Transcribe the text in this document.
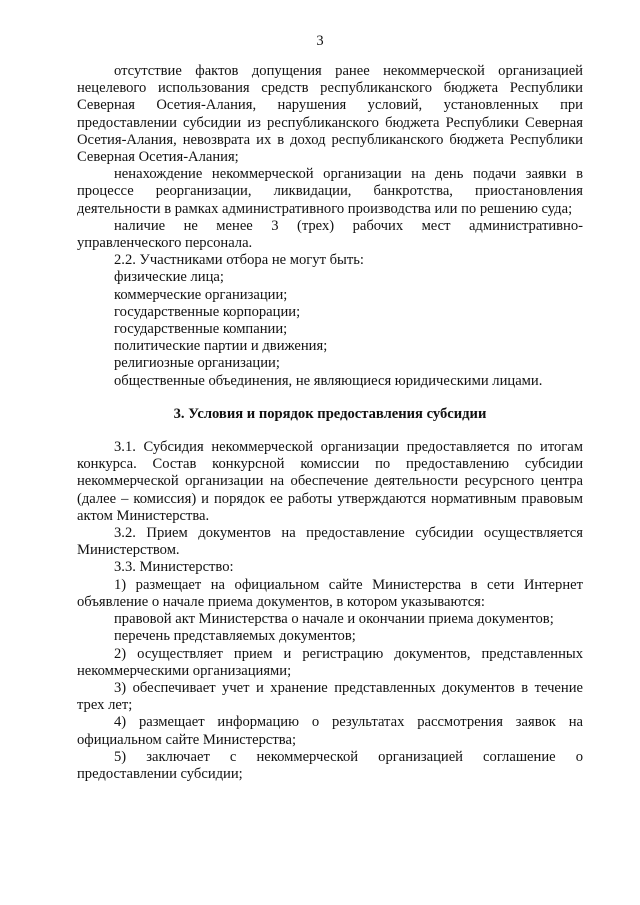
3

отсутствие фактов допущения ранее некоммерческой организацией нецелевого использования средств республиканского бюджета Республики Северная Осетия-Алания, нарушения условий, установленных при предоставлении субсидии из республиканского бюджета Республики Северная Осетия-Алания, невозврата их в доход республиканского бюджета Республики Северная Осетия-Алания;

ненахождение некоммерческой организации на день подачи заявки в процессе реорганизации, ликвидации, банкротства, приостановления деятельности в рамках административного производства или по решению суда;

наличие не менее 3 (трех) рабочих мест административно-управленческого персонала.

2.2. Участниками отбора не могут быть:

физические лица;

коммерческие организации;

государственные корпорации;

государственные компании;

политические партии и движения;

религиозные организации;

общественные объединения, не являющиеся юридическими лицами.

3. Условия и порядок предоставления субсидии

3.1. Субсидия некоммерческой организации предоставляется по итогам конкурса. Состав конкурсной комиссии по предоставлению субсидии некоммерческой организации на обеспечение деятельности ресурсного центра (далее – комиссия) и порядок ее работы утверждаются нормативным правовым актом Министерства.

3.2. Прием документов на предоставление субсидии осуществляется Министерством.

3.3. Министерство:

1) размещает на официальном сайте Министерства в сети Интернет объявление о начале приема документов, в котором указываются:

правовой акт Министерства о начале и окончании приема документов;

перечень представляемых документов;

2) осуществляет прием и регистрацию документов, представленных некоммерческими организациями;

3) обеспечивает учет и хранение представленных документов в течение трех лет;

4) размещает информацию о результатах рассмотрения заявок на официальном сайте Министерства;

5) заключает с некоммерческой организацией соглашение о предоставлении субсидии;
